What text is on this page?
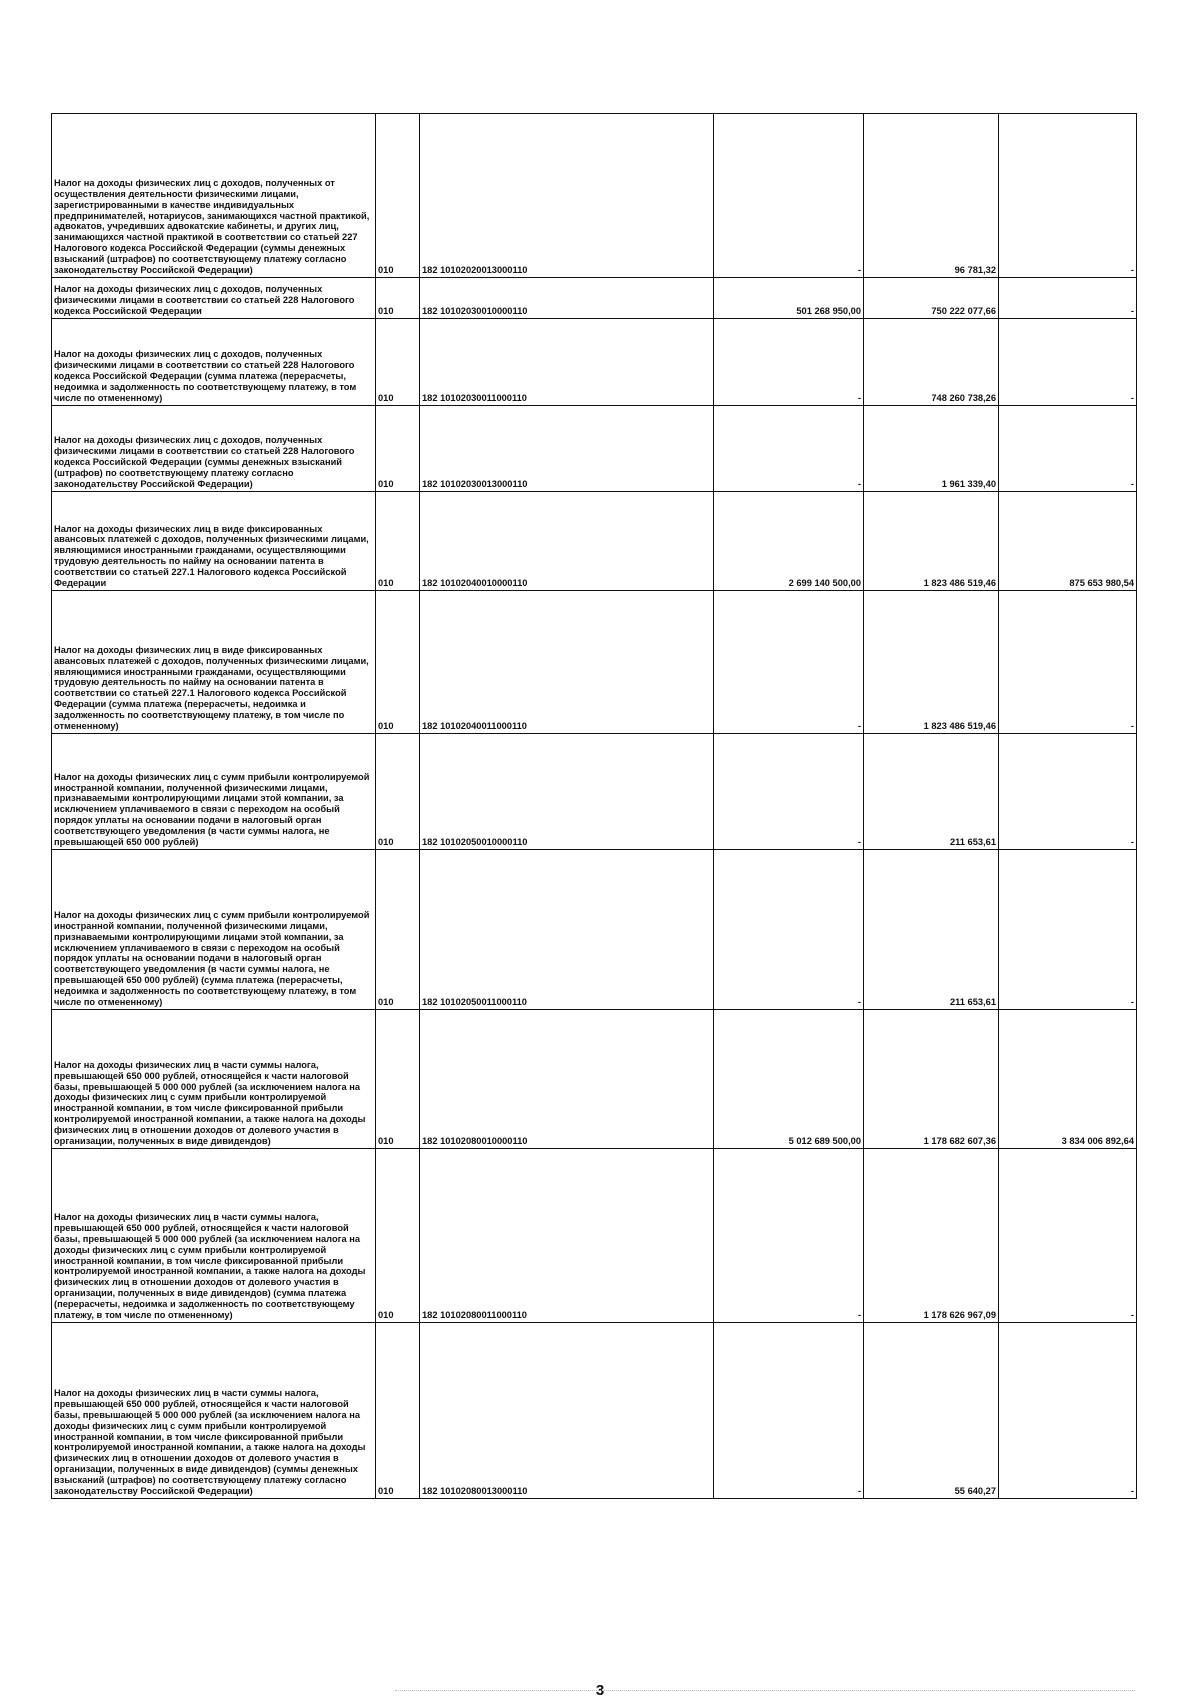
Налог на доходы физических лиц с доходов, полученных от осуществления деятельности физическими лицами, зарегистрированными в качестве индивидуальных предпринимателей, нотариусов, занимающихся частной практикой, адвокатов, учредивших адвокатские кабинеты, и других лиц, занимающихся частной практикой в соответствии со статьей 227 Налогового кодекса Российской Федерации (суммы денежных взысканий (штрафов) по соответствующему платежу согласно законодательству Российской Федерации)	010	182 10102020013000110	-	96 781,32	-
Налог на доходы физических лиц с доходов, полученных физическими лицами в соответствии со статьей 228 Налогового кодекса Российской Федерации	010	182 10102030010000110	501 268 950,00	750 222 077,66	-
Налог на доходы физических лиц с доходов, полученных физическими лицами в соответствии со статьей 228 Налогового кодекса Российской Федерации (сумма платежа (перерасчеты, недоимка и задолженность по соответствующему платежу, в том числе по отмененному)	010	182 10102030011000110	-	748 260 738,26	-
Налог на доходы физических лиц с доходов, полученных физическими лицами в соответствии со статьей 228 Налогового кодекса Российской Федерации (суммы денежных взысканий (штрафов) по соответствующему платежу согласно законодательству Российской Федерации)	010	182 10102030013000110	-	1 961 339,40	-
Налог на доходы физических лиц в виде фиксированных авансовых платежей с доходов, полученных физическими лицами, являющимися иностранными гражданами, осуществляющими трудовую деятельность по найму на основании патента в соответствии со статьей 227.1 Налогового кодекса Российской Федерации	010	182 10102040010000110	2 699 140 500,00	1 823 486 519,46	875 653 980,54
Налог на доходы физических лиц в виде фиксированных авансовых платежей с доходов, полученных физическими лицами, являющимися иностранными гражданами, осуществляющими трудовую деятельность по найму на основании патента в соответствии со статьей 227.1 Налогового кодекса Российской Федерации (сумма платежа (перерасчеты, недоимка и задолженность по соответствующему платежу, в том числе по отмененному)	010	182 10102040011000110	-	1 823 486 519,46	-
Налог на доходы физических лиц с сумм прибыли контролируемой иностранной компании, полученной физическими лицами, признаваемыми контролирующими лицами этой компании, за исключением уплачиваемого в связи с переходом на особый порядок уплаты на основании подачи в налоговый орган соответствующего уведомления (в части суммы налога, не превышающей 650 000 рублей)	010	182 10102050010000110	-	211 653,61	-
Налог на доходы физических лиц с сумм прибыли контролируемой иностранной компании, полученной физическими лицами, признаваемыми контролирующими лицами этой компании, за исключением уплачиваемого в связи с переходом на особый порядок уплаты на основании подачи в налоговый орган соответствующего уведомления (в части суммы налога, не превышающей 650 000 рублей) (сумма платежа (перерасчеты, недоимка и задолженность по соответствующему платежу, в том числе по отмененному)	010	182 10102050011000110	-	211 653,61	-
Налог на доходы физических лиц в части суммы налога, превышающей 650 000 рублей, относящейся к части налоговой базы, превышающей 5 000 000 рублей (за исключением налога на доходы физических лиц с сумм прибыли контролируемой иностранной компании, в том числе фиксированной прибыли контролируемой иностранной компании, а также налога на доходы физических лиц в отношении доходов от долевого участия в организации, полученных в виде дивидендов)	010	182 10102080010000110	5 012 689 500,00	1 178 682 607,36	3 834 006 892,64
Налог на доходы физических лиц в части суммы налога, превышающей 650 000 рублей, относящейся к части налоговой базы, превышающей 5 000 000 рублей (за исключением налога на доходы физических лиц с сумм прибыли контролируемой иностранной компании, в том числе фиксированной прибыли контролируемой иностранной компании, а также налога на доходы физических лиц в отношении доходов от долевого участия в организации, полученных в виде дивидендов) (сумма платежа (перерасчеты, недоимка и задолженность по соответствующему платежу, в том числе по отмененному)	010	182 10102080011000110	-	1 178 626 967,09	-
Налог на доходы физических лиц в части суммы налога, превышающей 650 000 рублей, относящейся к части налоговой базы, превышающей 5 000 000 рублей (за исключением налога на доходы физических лиц с сумм прибыли контролируемой иностранной компании, в том числе фиксированной прибыли контролируемой иностранной компании, а также налога на доходы физических лиц в отношении доходов от долевого участия в организации, полученных в виде дивидендов) (суммы денежных взысканий (штрафов) по соответствующему платежу согласно законодательству Российской Федерации)	010	182 10102080013000110	-	55 640,27	-
3
